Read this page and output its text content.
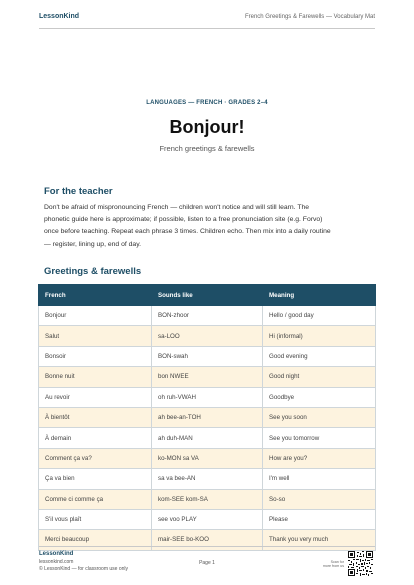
LessonKind	French Greetings & Farewells — Vocabulary Mat
LANGUAGES — FRENCH · GRADES 2–4
Bonjour!
French greetings & farewells
For the teacher
Don't be afraid of mispronouncing French — children won't notice and will still learn. The
phonetic guide here is approximate; if possible, listen to a free pronunciation site (e.g. Forvo)
once before teaching. Repeat each phrase 3 times. Children echo. Then mix into a daily routine
— register, lining up, end of day.
Greetings & farewells
French	Sounds like	Meaning
Bonjour	BON-zhoor	Hello / good day
Salut	sa-LOO	Hi (informal)
Bonsoir	BON-swah	Good evening
Bonne nuit	bon NWEE	Good night
Au revoir	oh ruh-VWAH	Goodbye
À bientôt	ah bee-an-TOH	See you soon
À demain	ah duh-MAN	See you tomorrow
Comment ça va?	ko-MON sa VA	How are you?
Ça va bien	sa va bee-AN	I'm well
Comme ci comme ça	kom-SEE kom-SA	So-so
S'il vous plaît	see voo PLAY	Please
Merci beaucoup	mair-SEE bo-KOO	Thank you very much
LessonKind
lessonkind.com
© LessonKind — for classroom use only
Page 1	Scan for
more from us
